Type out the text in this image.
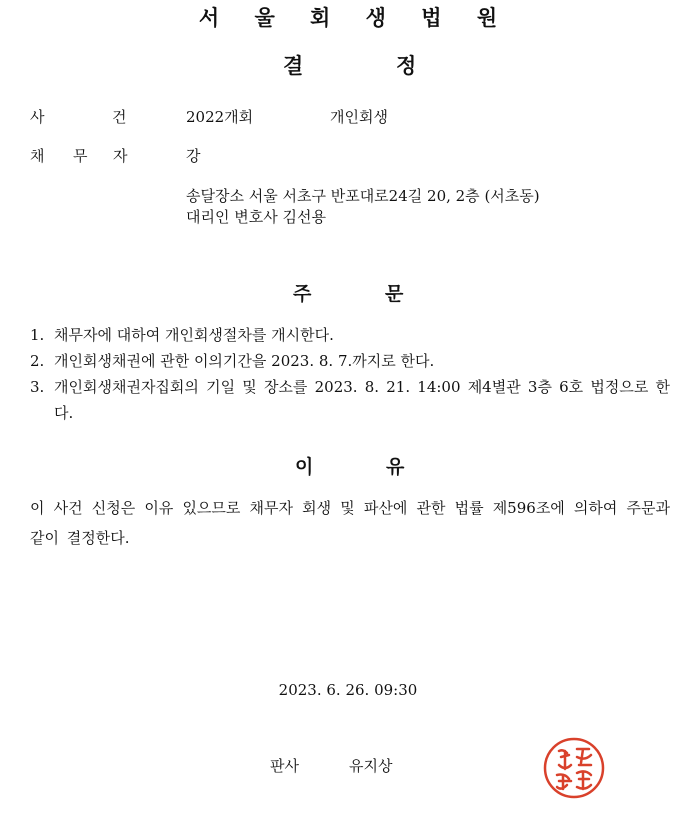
서 울 회 생 법 원
결	정
사	건	2022개회	개인회생
채 무 자	강
송달장소 서울 서초구 반포대로24길 20, 2층 (서초동)
대리인 변호사 김선용
주	문
1. 채무자에 대하여 개인회생절차를 개시한다.
2. 개인회생채권에 관한 이의기간을 2023. 8. 7.까지로 한다.
3. 개인회생채권자집회의 기일 및 장소를 2023. 8. 21. 14:00 제4별관 3층 6호 법정으로 한다.
이	유
이 사건 신청은 이유 있으므로 채무자 회생 및 파산에 관한 법률 제596조에 의하여 주문과 같이 결정한다.
2023. 6. 26. 09:30
판사	유지상
